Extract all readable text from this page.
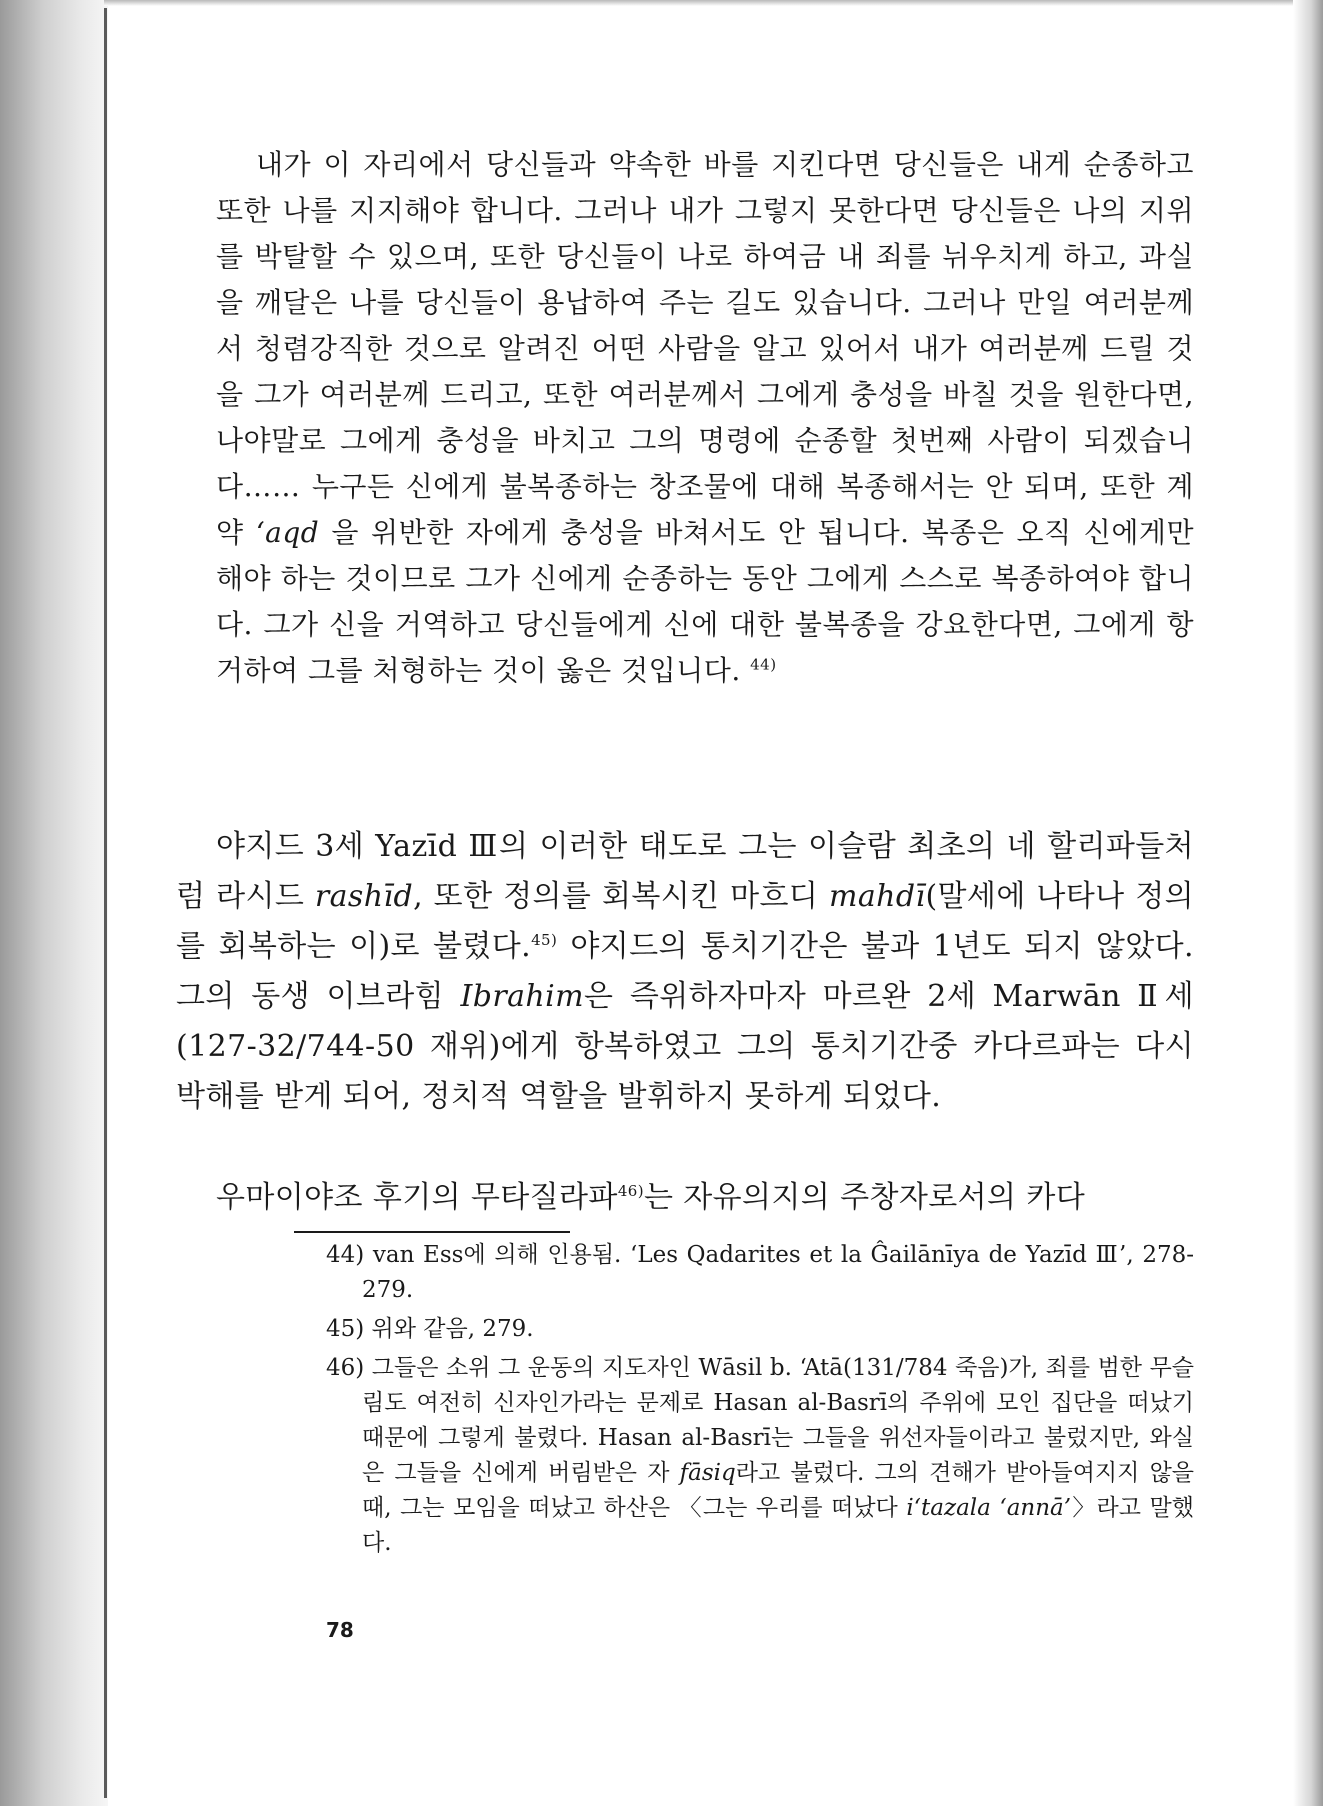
내가 이 자리에서 당신들과 약속한 바를 지킨다면 당신들은 내게 순종하고 또한 나를 지지해야 합니다. 그러나 내가 그렇지 못한다면 당신들은 나의 지위를 박탈할 수 있으며, 또한 당신들이 나로 하여금 내 죄를 뉘우치게 하고, 과실을 깨달은 나를 당신들이 용납하여 주는 길도 있습니다. 그러나 만일 여러분께서 청렴강직한 것으로 알려진 어떤 사람을 알고 있어서 내가 여러분께 드릴 것을 그가 여러분께 드리고, 또한 여러분께서 그에게 충성을 바칠 것을 원한다면, 나야말로 그에게 충성을 바치고 그의 명령에 순종할 첫번째 사람이 되겠습니다…… 누구든 신에게 불복종하는 창조물에 대해 복종해서는 안 되며, 또한 계약 ‘aqd 을 위반한 자에게 충성을 바쳐서도 안 됩니다. 복종은 오직 신에게만 해야 하는 것이므로 그가 신에게 순종하는 동안 그에게 스스로 복종하여야 합니다. 그가 신을 거역하고 당신들에게 신에 대한 불복종을 강요한다면, 그에게 항거하여 그를 처형하는 것이 옳은 것입니다. $^{44)}$

야지드 3세 Yazīd Ⅲ의 이러한 태도로 그는 이슬람 최초의 네 할리파들처럼 라시드 rashīd, 또한 정의를 회복시킨 마흐디 mahdī(말세에 나타나 정의를 회복하는 이)로 불렸다.$^{45)}$ 야지드의 통치기간은 불과 1년도 되지 않았다. 그의 동생 이브라힘 Ibrahim은 즉위하자마자 마르완 2세 Marwān Ⅱ세(127-32/744-50 재위)에게 항복하였고 그의 통치기간중 카다르파는 다시 박해를 받게 되어, 정치적 역할을 발휘하지 못하게 되었다.

우마이야조 후기의 무타질라파$^{46)}$는 자유의지의 주창자로서의 카다

44) van Ess에 의해 인용됨. ‘Les Qadarites et la Ĝailānīya de Yazīd Ⅲ’, 278-279.

45) 위와 같음, 279.

46) 그들은 소위 그 운동의 지도자인 Wāsil b. ‘Atā(131/784 죽음)가, 죄를 범한 무슬림도 여전히 신자인가라는 문제로 Hasan al-Basrī의 주위에 모인 집단을 떠났기 때문에 그렇게 불렸다. Hasan al-Basrī는 그들을 위선자들이라고 불렀지만, 와실은 그들을 신에게 버림받은 자 fāsiq라고 불렀다. 그의 견해가 받아들여지지 않을 때, 그는 모임을 떠났고 하산은 〈그는 우리를 떠났다 i‘tazala ‘annā’〉라고 말했다.

78
